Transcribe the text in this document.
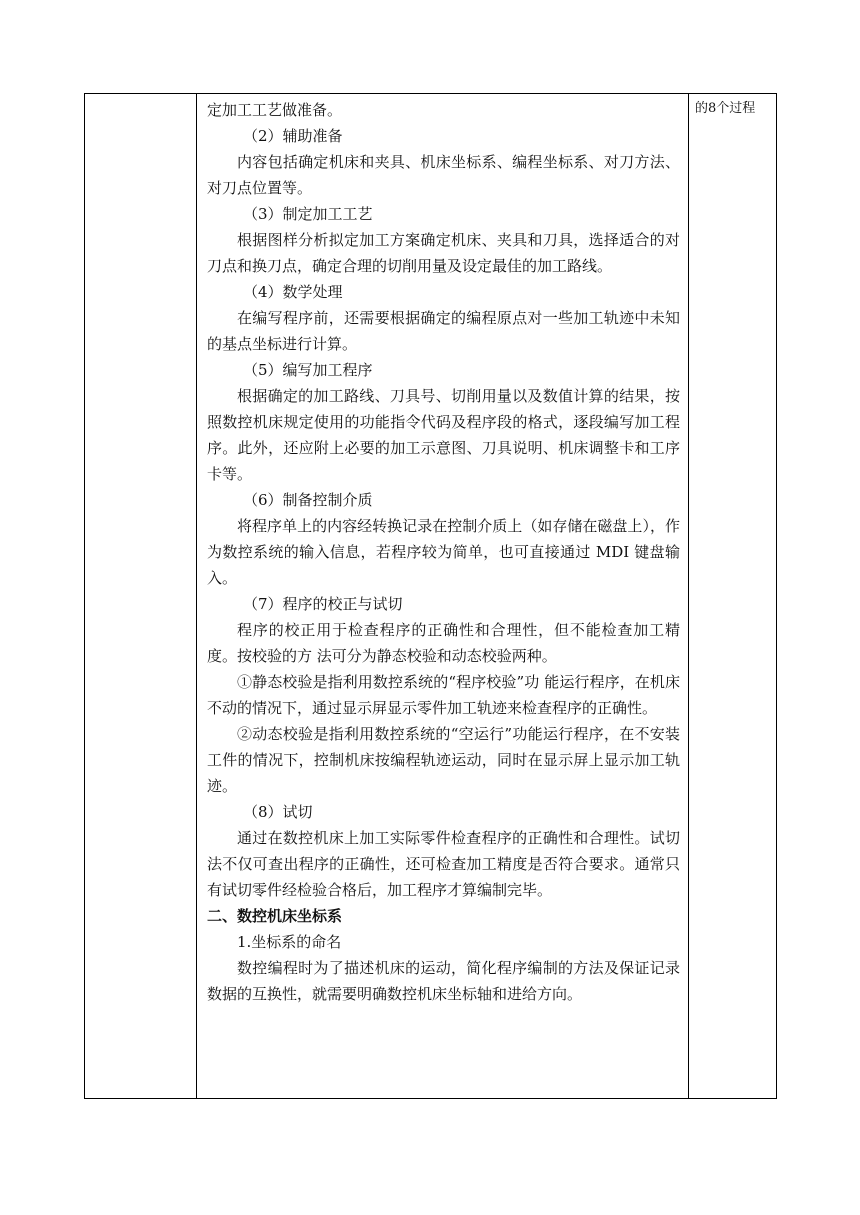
定加工工艺做准备。

（2）辅助准备

内容包括确定机床和夹具、机床坐标系、编程坐标系、对刀方法、对刀点位置等。

（3）制定加工工艺

根据图样分析拟定加工方案确定机床、夹具和刀具，选择适合的对刀点和换刀点，确定合理的切削用量及设定最佳的加工路线。

（4）数学处理

在编写程序前，还需要根据确定的编程原点对一些加工轨迹中未知的基点坐标进行计算。

（5）编写加工程序

根据确定的加工路线、刀具号、切削用量以及数值计算的结果，按照数控机床规定使用的功能指令代码及程序段的格式，逐段编写加工程序。此外，还应附上必要的加工示意图、刀具说明、机床调整卡和工序卡等。

（6）制备控制介质

将程序单上的内容经转换记录在控制介质上（如存储在磁盘上），作为数控系统的输入信息，若程序较为简单，也可直接通过 MDI 键盘输入。

（7）程序的校正与试切

程序的校正用于检查程序的正确性和合理性，但不能检查加工精度。按校验的方 法可分为静态校验和动态校验两种。

①静态校验是指利用数控系统的“程序校验”功 能运行程序，在机床不动的情况下，通过显示屏显示零件加工轨迹来检查程序的正确性。

②动态校验是指利用数控系统的“空运行”功能运行程序，在不安装工件的情况下，控制机床按编程轨迹运动，同时在显示屏上显示加工轨迹。

（8）试切

通过在数控机床上加工实际零件检查程序的正确性和合理性。试切法不仅可查出程序的正确性，还可检查加工精度是否符合要求。通常只有试切零件经检验合格后，加工程序才算编制完毕。

二、数控机床坐标系

1.坐标系的命名

数控编程时为了描述机床的运动，简化程序编制的方法及保证记录数据的互换性，就需要明确数控机床坐标轴和进给方向。

的8个过程
